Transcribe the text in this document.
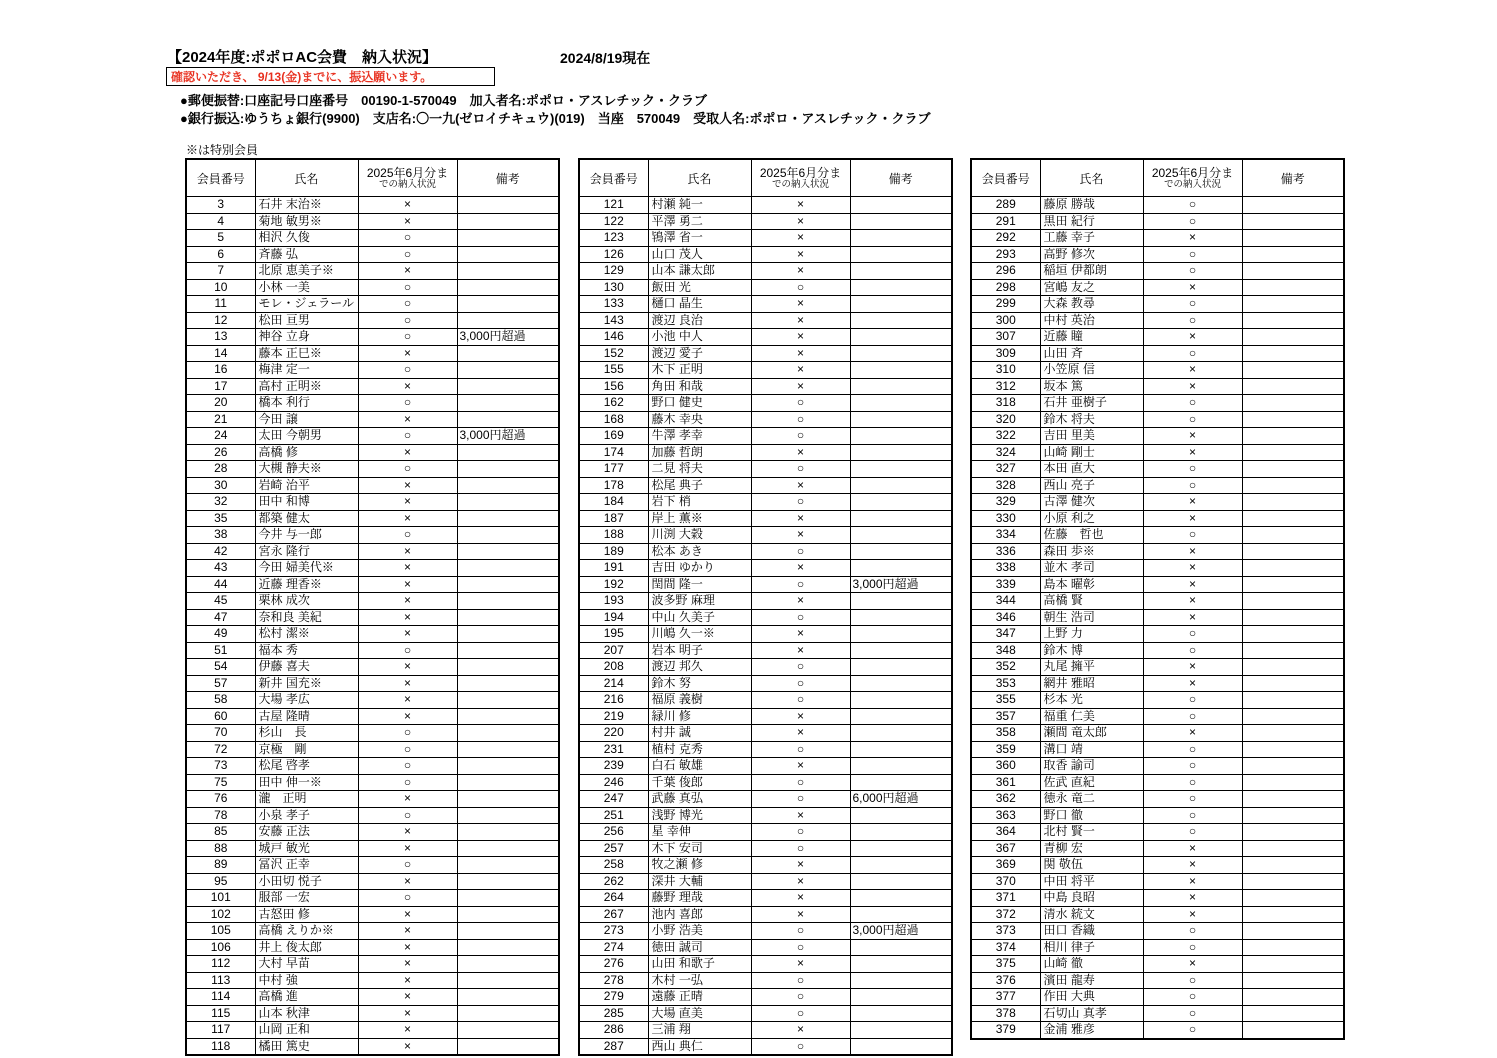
【2024年度:ポポロAC会費　納入状況】	2024/8/19現在
確認いただき、 9/13(金)までに、振込願います。
●郵便振替:口座記号口座番号　00190-1-570049　加入者名:ポポロ・アスレチック・クラブ
●銀行振込:ゆうちょ銀行(9900)　支店名:〇一九(ゼロイチキュウ)(019)　当座　570049　受取人名:ポポロ・アスレチック・クラブ
※は特別会員
会員番号	氏名	2025年6月分ま
での納入状況	備考
3	石井 末治※	×	
4	菊地 敏男※	×	
5	相沢 久俊	○	
6	斉藤 弘	○	
7	北原 恵美子※	×	
10	小林 一美	○	
11	モレ・ジェラール	○	
12	松田 亘男	○	
13	神谷 立身	○	3,000円超過
14	藤本 正巳※	×	
16	梅津 定一	○	
17	高村 正明※	×	
20	橋本 利行	○	
21	今田 譲	×	
24	太田 今朝男	○	3,000円超過
26	高橋 修	×	
28	大槻 静夫※	○	
30	岩崎 治平	×	
32	田中 和博	×	
35	都築 健太	×	
38	今井 与一郎	○	
42	宮永 隆行	×	
43	今田 婦美代※	×	
44	近藤 理香※	×	
45	栗林 成次	×	
47	奈和良 美紀	×	
49	松村 潔※	×	
51	福本 秀	○	
54	伊藤 喜夫	×	
57	新井 国充※	×	
58	大場 孝広	×	
60	古屋 隆晴	×	
70	杉山　長	○	
72	京極　剛	○	
73	松尾 啓孝	○	
75	田中 伸一※	○	
76	瀧　正明	×	
78	小泉 孝子	○	
85	安藤 正法	×	
88	城戸 敏光	×	
89	冨沢 正幸	○	
95	小田切 悦子	×	
101	服部 一宏	○	
102	古怒田 修	×	
105	高橋 えりか※	×	
106	井上 俊太郎	×	
112	大村 早苗	×	
113	中村 強	×	
114	高橋 進	×	
115	山本 秋津	×	
117	山岡 正和	×	
118	橘田 篤史	×	
会員番号	氏名	2025年6月分ま
での納入状況	備考
121	村瀬 純一	×	
122	平澤 勇二	×	
123	鴇澤 省一	×	
126	山口 茂人	×	
129	山本 謙太郎	×	
130	飯田 光	○	
133	樋口 晶生	×	
143	渡辺 良治	×	
146	小池 中人	×	
152	渡辺 愛子	×	
155	木下 正明	×	
156	角田 和哉	×	
162	野口 健史	○	
168	藤木 幸央	○	
169	牛澤 孝幸	○	
174	加藤 哲朗	×	
177	二見 将夫	○	
178	松尾 典子	×	
184	岩下 梢	○	
187	岸上 薫※	×	
188	川渕 大穀	×	
189	松本 あき	○	
191	吉田 ゆかり	×	
192	閏間 隆一	○	3,000円超過
193	波多野 麻理	×	
194	中山 久美子	○	
195	川嶋 久一※	×	
207	岩本 明子	×	
208	渡辺 邦久	○	
214	鈴木 努	○	
216	福原 義樹	○	
219	緑川 修	×	
220	村井 誠	×	
231	植村 克秀	○	
239	白石 敏雄	×	
246	千葉 俊郎	○	
247	武藤 真弘	○	6,000円超過
251	浅野 博光	×	
256	星 幸伸	○	
257	木下 安司	○	
258	牧之瀬 修	×	
262	深井 大輔	×	
264	藤野 理哉	×	
267	池内 喜郎	×	
273	小野 浩美	○	3,000円超過
274	徳田 誠司	○	
276	山田 和歌子	×	
278	木村 一弘	○	
279	遠藤 正晴	○	
285	大場 直美	○	
286	三浦 翔	×	
287	西山 典仁	○	
会員番号	氏名	2025年6月分ま
での納入状況	備考
289	藤原 勝哉	○	
291	黒田 紀行	○	
292	工藤 幸子	×	
293	高野 修次	○	
296	稲垣 伊都朗	○	
298	宮嶋 友之	×	
299	大森 教尋	○	
300	中村 英治	○	
307	近藤 瞳	×	
309	山田 斉	○	
310	小笠原 信	×	
312	坂本 篤	×	
318	石井 亜樹子	○	
320	鈴木 将夫	○	
322	吉田 里美	×	
324	山崎 剛士	×	
327	本田 直大	○	
328	西山 亮子	○	
329	古澤 健次	×	
330	小原 利之	×	
334	佐藤　哲也	○	
336	森田 歩※	×	
338	並木 孝司	×	
339	島本 曜彰	×	
344	高橋 賢	×	
346	朝生 浩司	×	
347	上野 力	○	
348	鈴木 博	○	
352	丸尾 擁平	×	
353	網井 雅昭	×	
355	杉本 光	○	
357	福重 仁美	○	
358	瀬間 竜太郎	×	
359	溝口 靖	○	
360	取香 諭司	○	
361	佐武 直紀	○	
362	徳永 竜二	○	
363	野口 徹	○	
364	北村 賢一	○	
367	青柳 宏	×	
369	関 敬伍	×	
370	中田 将平	×	
371	中島 良昭	×	
372	清水 統文	×	
373	田口 香織	○	
374	相川 律子	○	
375	山崎 徹	×	
376	濱田 龍寿	○	
377	作田 大典	○	
378	石切山 真孝	○	
379	金浦 雅彦	○	
